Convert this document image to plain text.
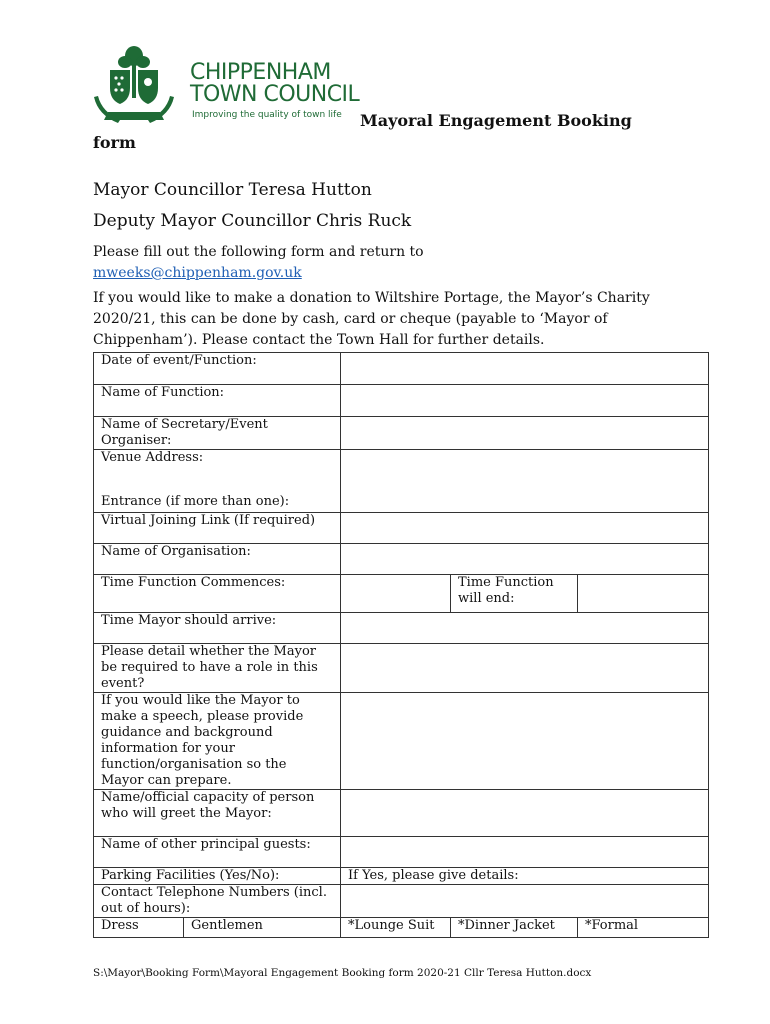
CHIPPENHAM
TOWN COUNCIL
Improving the quality of town life Mayoral Engagement Booking
form
Mayor Councillor Teresa Hutton
Deputy Mayor Councillor Chris Ruck
Please fill out the following form and return to
mweeks@chippenham.gov.uk
If you would like to make a donation to Wiltshire Portage, the Mayor’s Charity 2020/21, this can be done by cash, card or cheque (payable to ‘Mayor of Chippenham’). Please contact the Town Hall for further details.
Date of event/Function:				
Name of Function:				
Name of Secretary/Event Organiser:				
Venue Address:
Entrance (if more than one):				

Virtual Joining Link (If required)				
Name of Organisation:				
Time Function Commences:			Time Function will end:	
Time Mayor should arrive:				
Please detail whether the Mayor be required to have a role in this event?				
If you would like the Mayor to make a speech, please provide guidance and background information for your function/organisation so the Mayor can prepare.				
Name/official capacity of person who will greet the Mayor:				
Name of other principal guests:				
Parking Facilities (Yes/No):		If Yes, please give details:		
Contact Telephone Numbers (incl. out of hours):				
Dress	Gentlemen	*Lounge Suit	*Dinner Jacket	*Formal
S:\Mayor\Booking Form\Mayoral Engagement Booking form 2020-21 Cllr Teresa Hutton.docx
